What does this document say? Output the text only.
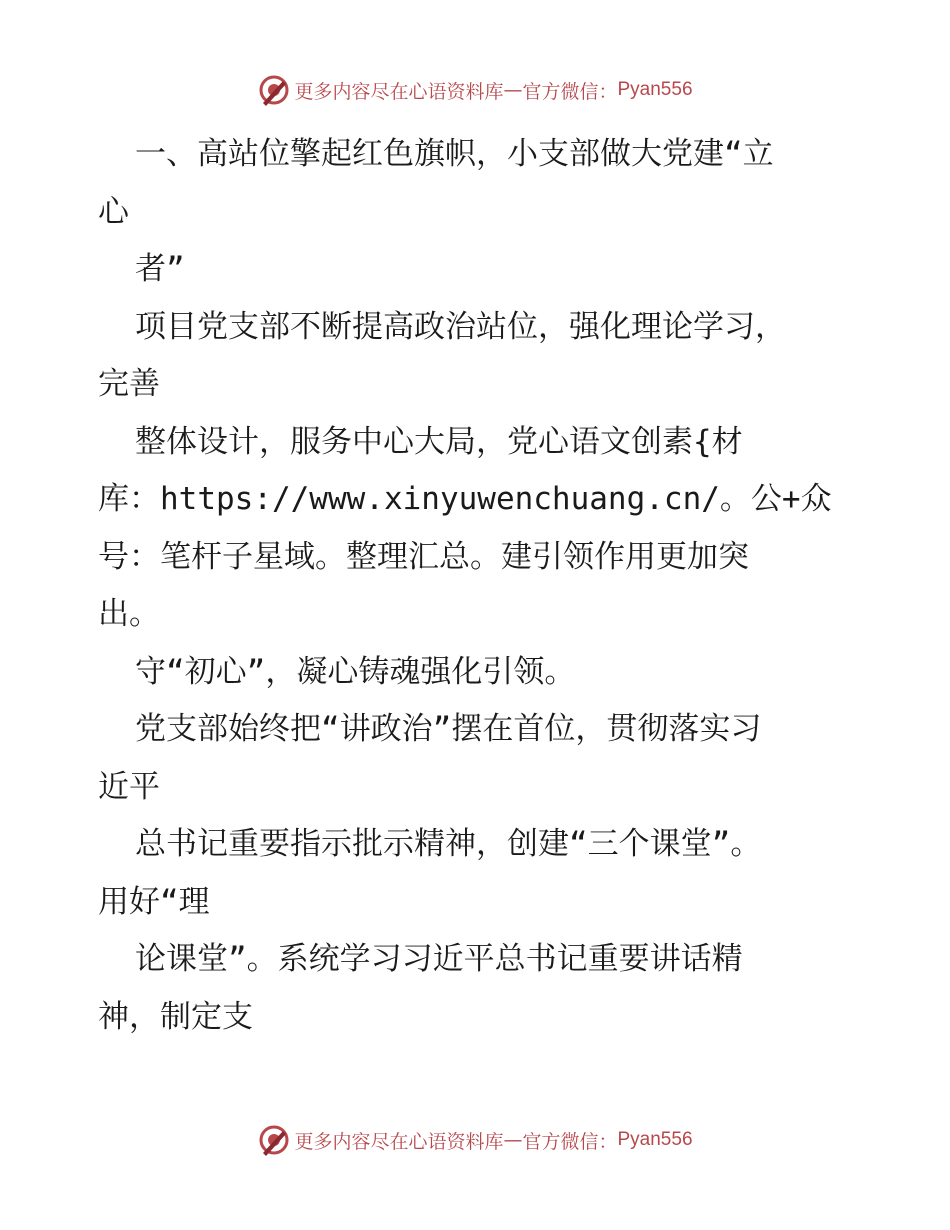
更多内容尽在心语资料库 — 官方微信： Pyan556
一、高站位擎起红色旗帜，小支部做大党建“立
心
者”
项目党支部不断提高政治站位，强化理论学习，
完善
整体设计，服务中心大局，党心语文创素{材
库：https://www.xinyuwenchuang.cn/。公+众
号：笔杆子星域。整理汇总。建引领作用更加突
出。
守“初心”，凝心铸魂强化引领。
党支部始终把“讲政治”摆在首位，贯彻落实习
近平
总书记重要指示批示精神，创建“三个课堂”。
用好“理
论课堂”。系统学习习近平总书记重要讲话精
神，制定支
更多内容尽在心语资料库 — 官方微信： Pyan556
